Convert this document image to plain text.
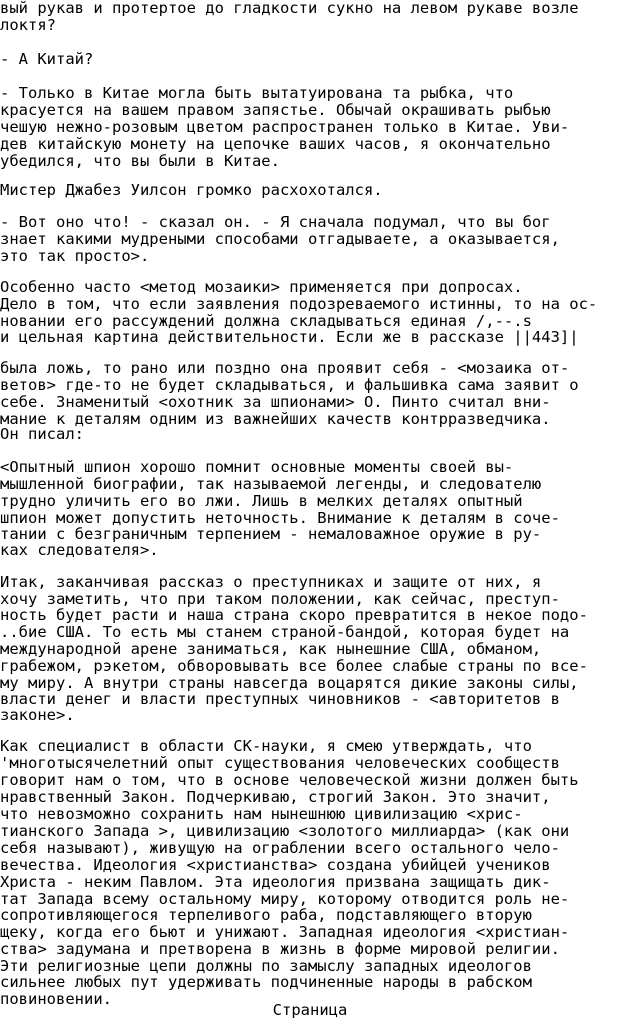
вый рукав и протертое до гладкости сукно на левом рукаве возле

локтя?

- А Китай?

- Только в Китае могла быть вытатуирована та рыбка, что

красуется на вашем правом запястье. Обычай окрашивать рыбью

чешую нежно-розовым цветом распространен только в Китае. Уви-

дев китайскую монету на цепочке ваших часов, я окончательно

убедился, что вы были в Китае.

Мистер Джабез Уилсон громко расхохотался.

- Вот оно что! - сказал он. - Я сначала подумал, что вы бог

знает какими мудреными способами отгадываете, а оказывается,

это так просто>.

Особенно часто <метод мозаики> применяется при допросах.

Дело в том, что если заявления подозреваемого истинны, то на ос-

новании его рассуждений должна складываться единая /,--.s

и цельная картина действительности. Если же в рассказе ||443]|

была ложь, то рано или поздно она проявит себя - <мозаика от-

ветов> где-то не будет складываться, и фальшивка сама заявит о

себе. Знаменитый <охотник за шпионами> О. Пинто считал вни-

мание к деталям одним из важнейших качеств контрразведчика.

Он писал:

<Опытный шпион хорошо помнит основные моменты своей вы-

мышленной биографии, так называемой легенды, и следователю

трудно уличить его во лжи. Лишь в мелких деталях опытный

шпион может допустить неточность. Внимание к деталям в соче-

тании с безграничным терпением - немаловажное оружие в ру-

ках следователя>.

Итак, заканчивая рассказ о преступниках и защите от них, я

хочу заметить, что при таком положении, как сейчас, преступ-

ность будет расти и наша страна скоро превратится в некое подо-

..бие США. То есть мы станем страной-бандой, которая будет на

международной арене заниматься, как нынешние США, обманом,

грабежом, рэкетом, обворовывать все более слабые страны по все-

му миру. А внутри страны навсегда воцарятся дикие законы силы,

власти денег и власти преступных чиновников - <авторитетов в

законе>.

Как специалист в области СК-науки, я смею утверждать, что

'многотысячелетний опыт существования человеческих сообществ

говорит нам о том, что в основе человеческой жизни должен быть

нравственный Закон. Подчеркиваю, строгий Закон. Это значит,

что невозможно сохранить нам нынешнюю цивилизацию <хрис-

тианского Запада >, цивилизацию <золотого миллиарда> (как они

себя называют), живущую на ограблении всего остального чело-

вечества. Идеология <христианства> создана убийцей учеников

Христа - неким Павлом. Эта идеология призвана защищать дик-

тат Запада всему остальному миру, которому отводится роль не-

сопротивляющегося терпеливого раба, подставляющего вторую

щеку, когда его бьют и унижают. Западная идеология <христиан-

ства> задумана и претворена в жизнь в форме мировой религии.

Эти религиозные цепи должны по замыслу западных идеологов

сильнее любых пут удерживать подчиненные народы в рабском

повиновении.

Страница
